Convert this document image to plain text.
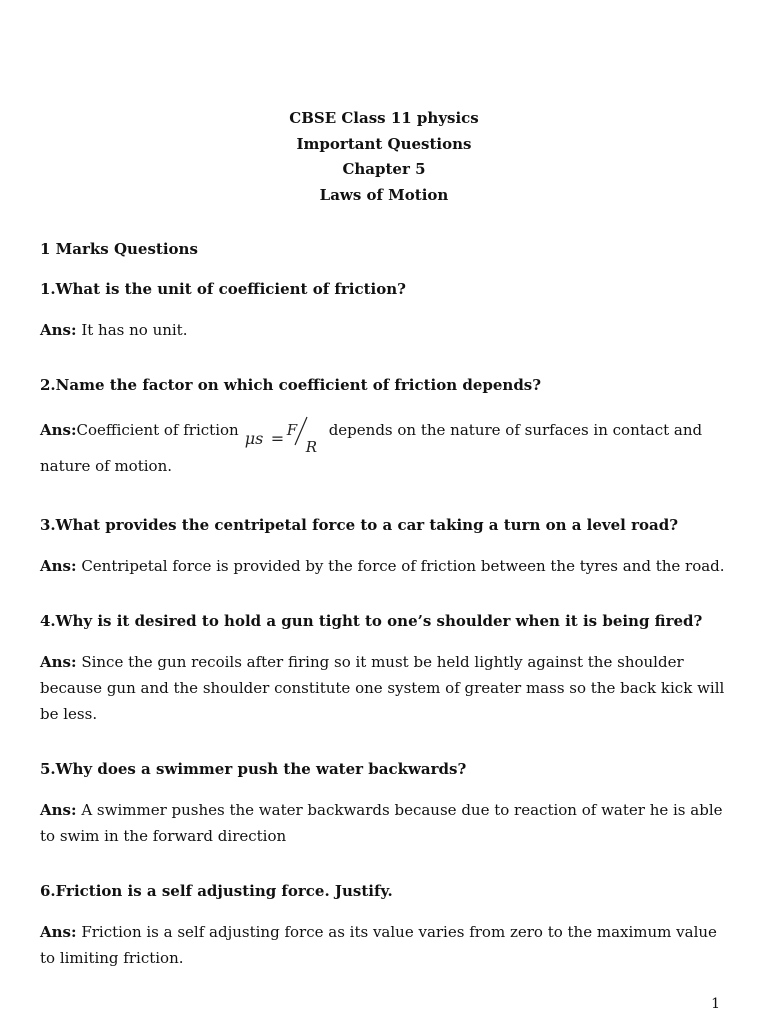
CBSE Class 11 physics
Important Questions
Chapter 5
Laws of Motion
1 Marks Questions
1.What is the unit of coefficient of friction?
Ans: It has no unit.
2.Name the factor on which coefficient of friction depends?
Ans:Coefficient of friction μs = F
R
depends on the nature of surfaces in contact and nature of motion.
3.What provides the centripetal force to a car taking a turn on a level road?
Ans: Centripetal force is provided by the force of friction between the tyres and the road.
4.Why is it desired to hold a gun tight to one’s shoulder when it is being fired?
Ans: Since the gun recoils after firing so it must be held lightly against the shoulder because gun and the shoulder constitute one system of greater mass so the back kick will be less.
5.Why does a swimmer push the water backwards?
Ans: A swimmer pushes the water backwards because due to reaction of water he is able to swim in the forward direction
6.Friction is a self adjusting force. Justify.
Ans: Friction is a self adjusting force as its value varies from zero to the maximum value to limiting friction.
1
